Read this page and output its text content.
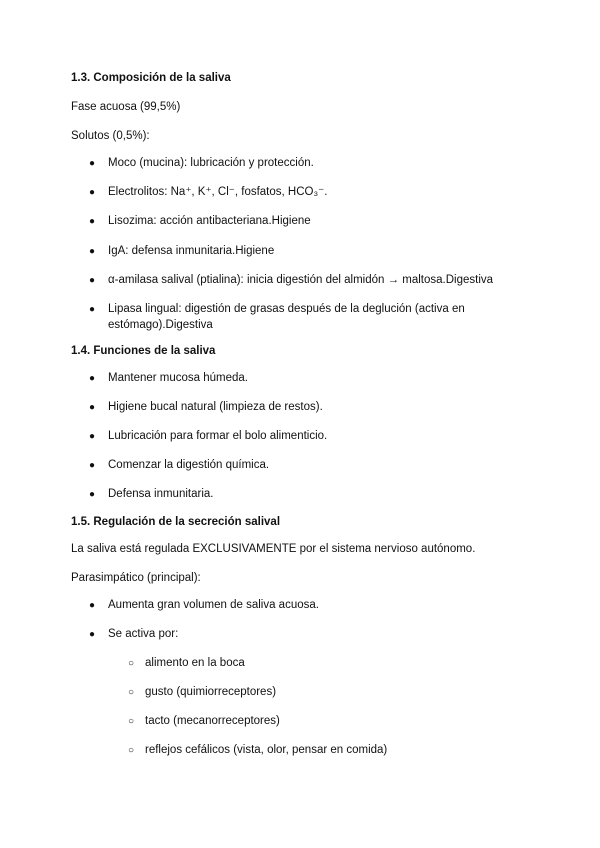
1.3. Composición de la saliva
Fase acuosa (99,5%)
Solutos (0,5%):
● Moco (mucina): lubricación y protección.
● Electrolitos: Na⁺, K⁺, Cl⁻, fosfatos, HCO₃⁻.
● Lisozima: acción antibacteriana.Higiene
● IgA: defensa inmunitaria.Higiene
● α-amilasa salival (ptialina): inicia digestión del almidón → maltosa.Digestiva
● Lipasa lingual: digestión de grasas después de la deglución (activa en
estómago).Digestiva
1.4. Funciones de la saliva
● Mantener mucosa húmeda.
● Higiene bucal natural (limpieza de restos).
● Lubricación para formar el bolo alimenticio.
● Comenzar la digestión química.
● Defensa inmunitaria.
1.5. Regulación de la secreción salival
La saliva está regulada EXCLUSIVAMENTE por el sistema nervioso autónomo.
Parasimpático (principal):
● Aumenta gran volumen de saliva acuosa.
● Se activa por:
○ alimento en la boca
○ gusto (quimiorreceptores)
○ tacto (mecanorreceptores)
○ reflejos cefálicos (vista, olor, pensar en comida)
